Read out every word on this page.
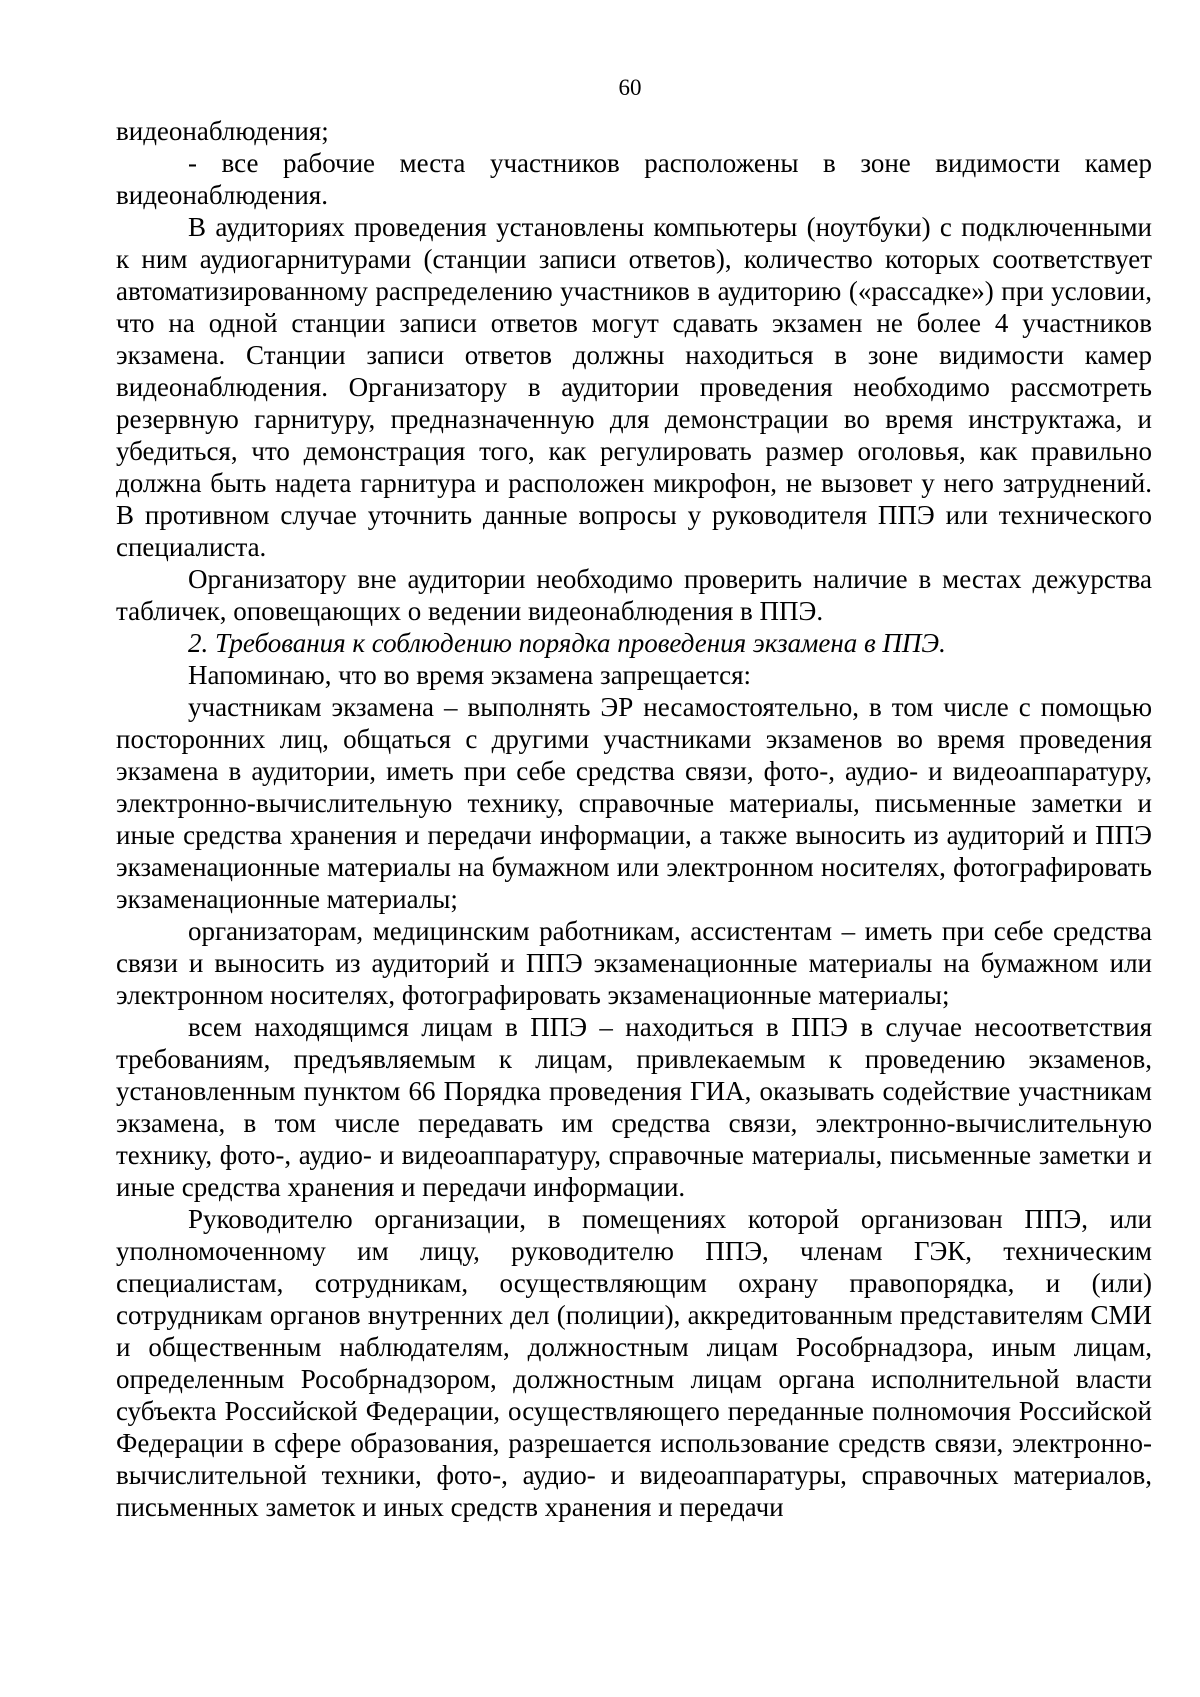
60

видеонаблюдения;

- все рабочие места участников расположены в зоне видимости камер видеонаблюдения.

В аудиториях проведения установлены компьютеры (ноутбуки) с подключенными к ним аудиогарнитурами (станции записи ответов), количество которых соответствует автоматизированному распределению участников в аудиторию («рассадке») при условии, что на одной станции записи ответов могут сдавать экзамен не более 4 участников экзамена. Станции записи ответов должны находиться в зоне видимости камер видеонаблюдения. Организатору в аудитории проведения необходимо рассмотреть резервную гарнитуру, предназначенную для демонстрации во время инструктажа, и убедиться, что демонстрация того, как регулировать размер оголовья, как правильно должна быть надета гарнитура и расположен микрофон, не вызовет у него затруднений. В противном случае уточнить данные вопросы у руководителя ППЭ или технического специалиста.

Организатору вне аудитории необходимо проверить наличие в местах дежурства табличек, оповещающих о ведении видеонаблюдения в ППЭ.

2. Требования к соблюдению порядка проведения экзамена в ППЭ.

Напоминаю, что во время экзамена запрещается:

участникам экзамена – выполнять ЭР несамостоятельно, в том числе с помощью посторонних лиц, общаться с другими участниками экзаменов во время проведения экзамена в аудитории, иметь при себе средства связи, фото-, аудио- и видеоаппаратуру, электронно-вычислительную технику, справочные материалы, письменные заметки и иные средства хранения и передачи информации, а также выносить из аудиторий и ППЭ экзаменационные материалы на бумажном или электронном носителях, фотографировать экзаменационные материалы;

организаторам, медицинским работникам, ассистентам – иметь при себе средства связи и выносить из аудиторий и ППЭ экзаменационные материалы на бумажном или электронном носителях, фотографировать экзаменационные материалы;

всем находящимся лицам в ППЭ – находиться в ППЭ в случае несоответствия требованиям, предъявляемым к лицам, привлекаемым к проведению экзаменов, установленным пунктом 66 Порядка проведения ГИА, оказывать содействие участникам экзамена, в том числе передавать им средства связи, электронно-вычислительную технику, фото-, аудио- и видеоаппаратуру, справочные материалы, письменные заметки и иные средства хранения и передачи информации.

Руководителю организации, в помещениях которой организован ППЭ, или уполномоченному им лицу, руководителю ППЭ, членам ГЭК, техническим специалистам, сотрудникам, осуществляющим охрану правопорядка, и (или) сотрудникам органов внутренних дел (полиции), аккредитованным представителям СМИ и общественным наблюдателям, должностным лицам Рособрнадзора, иным лицам, определенным Рособрнадзором, должностным лицам органа исполнительной власти субъекта Российской Федерации, осуществляющего переданные полномочия Российской Федерации в сфере образования, разрешается использование средств связи, электронно-вычислительной техники, фото-, аудио- и видеоаппаратуры, справочных материалов, письменных заметок и иных средств хранения и передачи
